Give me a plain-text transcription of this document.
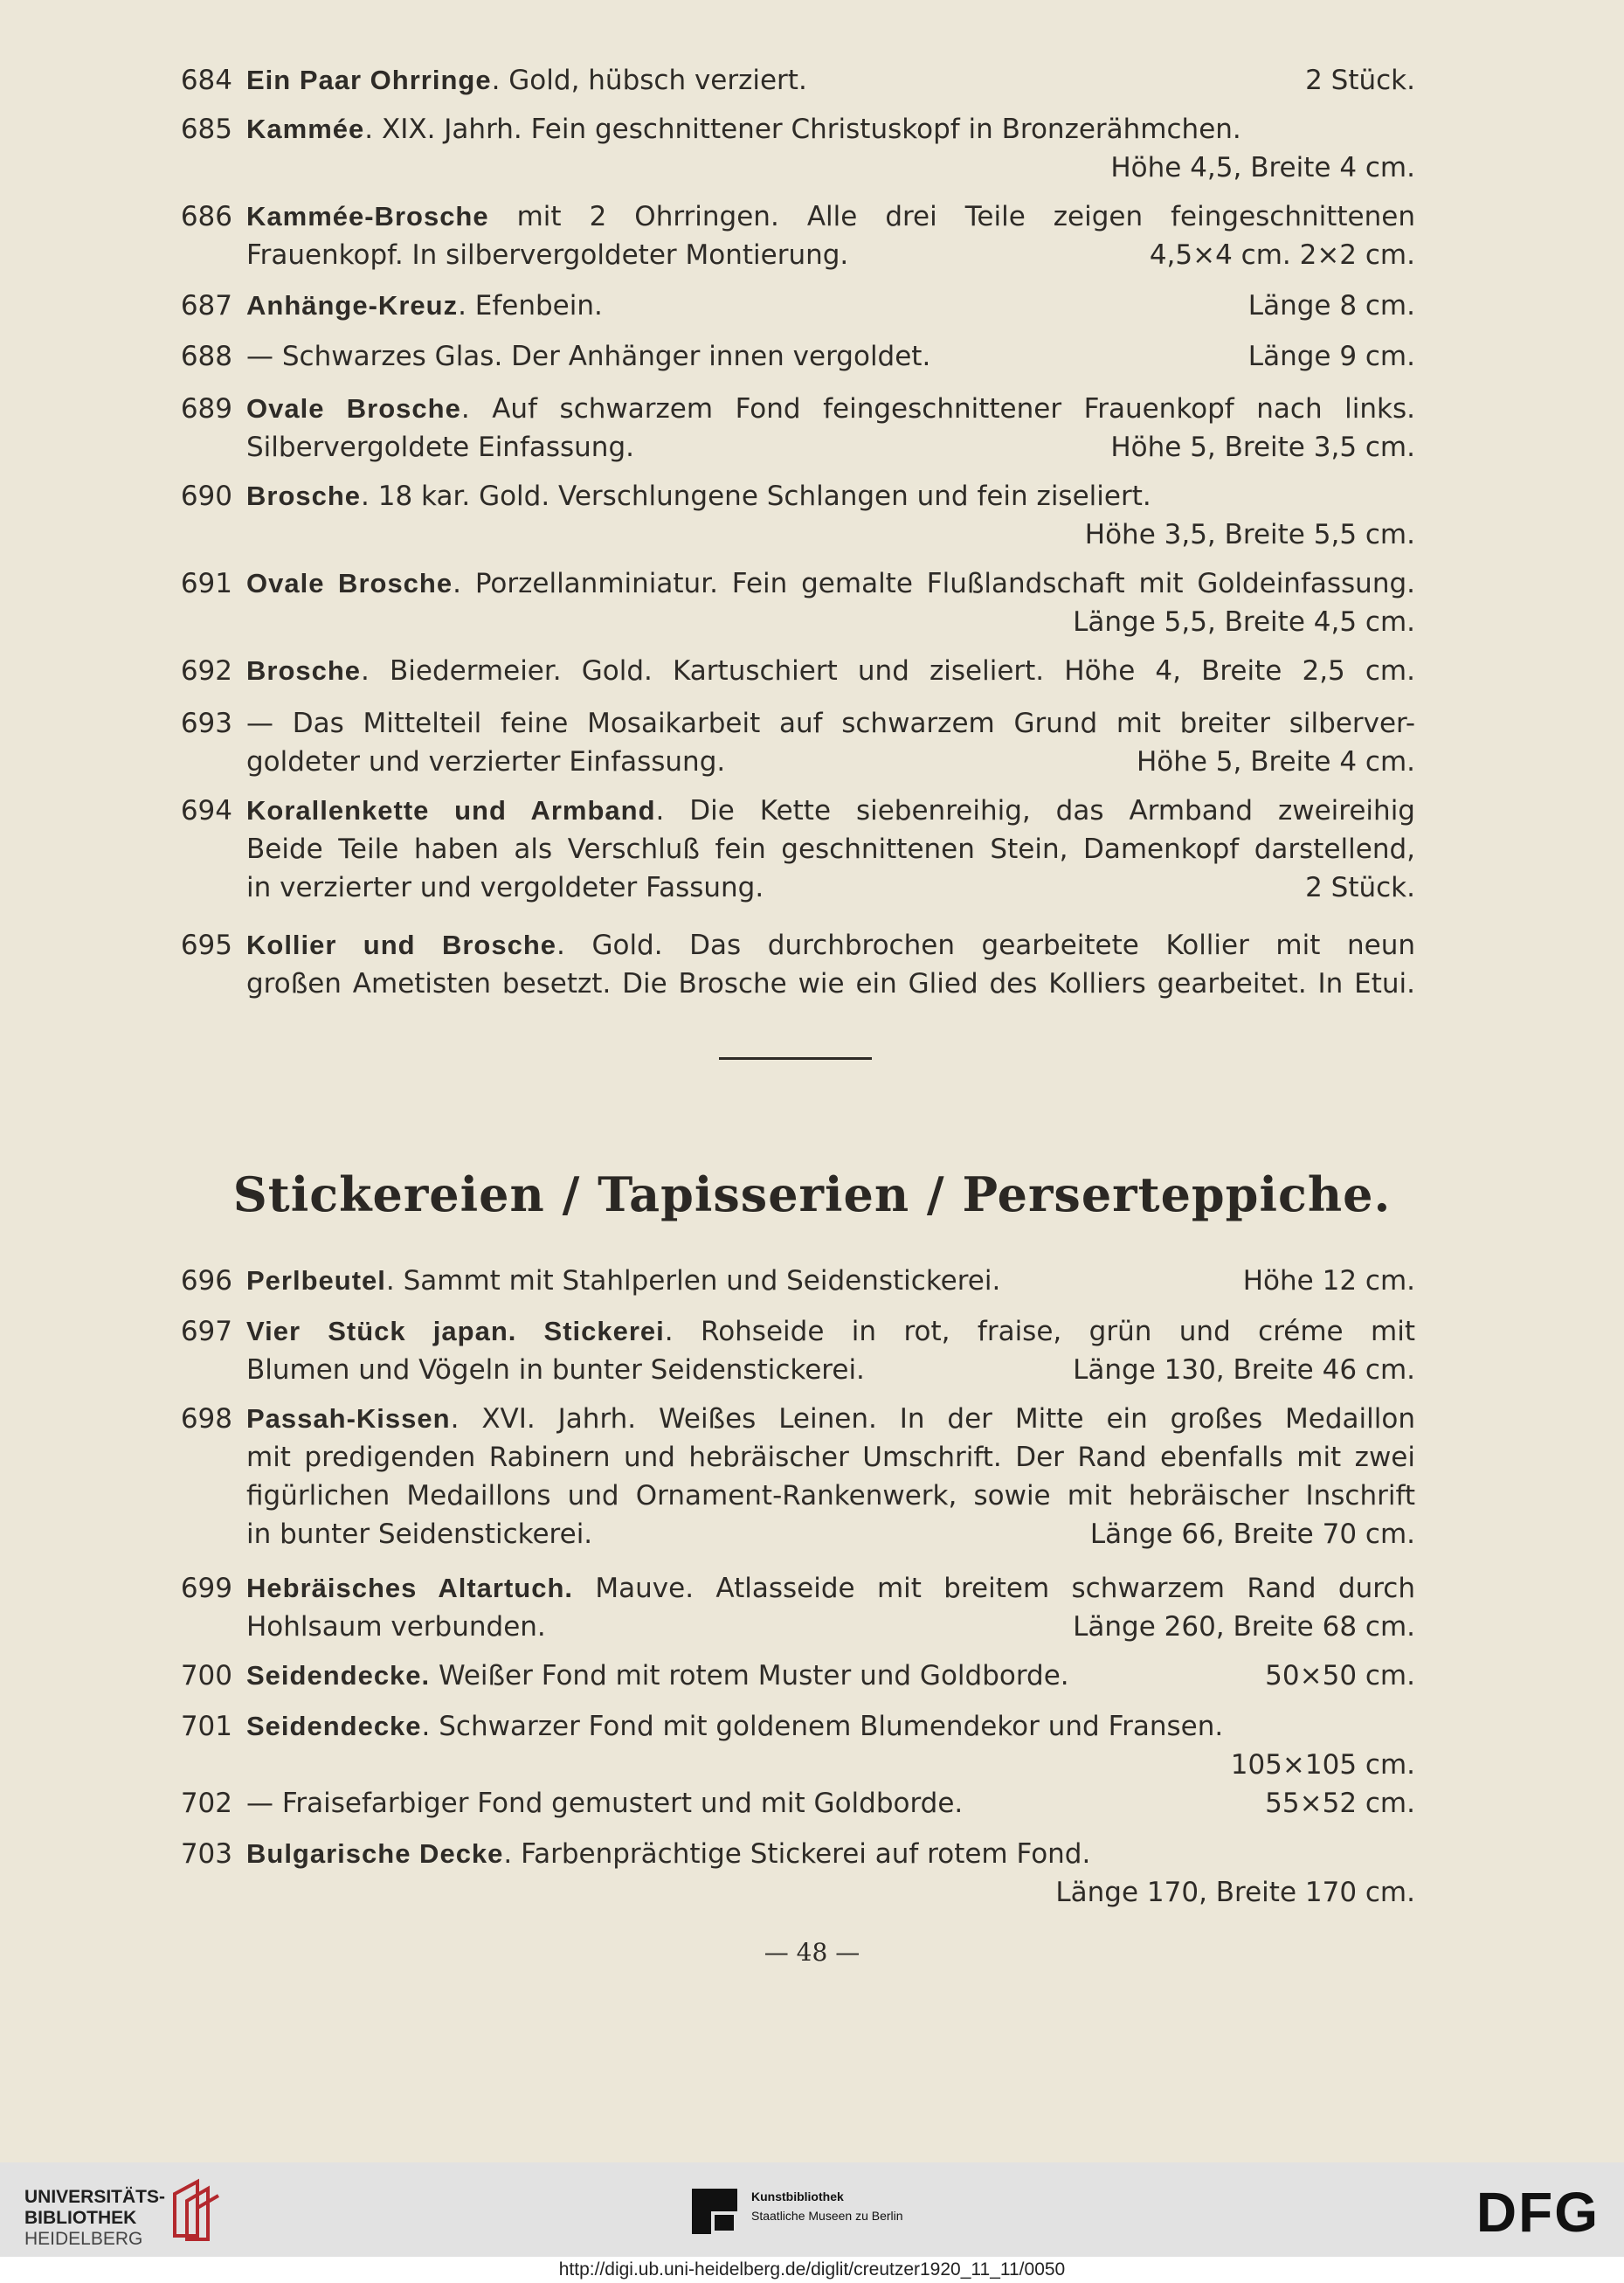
684 Ein Paar Ohrringe. Gold, hübsch verziert.	2 Stück.
685 Kammée. XIX. Jahrh. Fein geschnittener Christuskopf in Bronzerähmchen.
Höhe 4,5, Breite 4 cm.
686 Kammée-Brosche mit 2 Ohrringen. Alle drei Teile zeigen feingeschnittenen
Frauenkopf. In silbervergoldeter Montierung.	4,5×4 cm. 2×2 cm.
687 Anhänge-Kreuz. Efenbein.	Länge 8 cm.
688 — Schwarzes Glas. Der Anhänger innen vergoldet.	Länge 9 cm.
689 Ovale Brosche. Auf schwarzem Fond feingeschnittener Frauenkopf nach links.
Silbervergoldete Einfassung.	Höhe 5, Breite 3,5 cm.
690 Brosche. 18 kar. Gold. Verschlungene Schlangen und fein ziseliert.
Höhe 3,5, Breite 5,5 cm.
691 Ovale Brosche. Porzellanminiatur. Fein gemalte Flußlandschaft mit Goldeinfassung.
Länge 5,5, Breite 4,5 cm.
692 Brosche. Biedermeier. Gold. Kartuschiert und ziseliert. Höhe 4, Breite 2,5 cm.
693 — Das Mittelteil feine Mosaikarbeit auf schwarzem Grund mit breiter silberver-
goldeter und verzierter Einfassung.	Höhe 5, Breite 4 cm.
694 Korallenkette und Armband. Die Kette siebenreihig, das Armband zweireihig
Beide Teile haben als Verschluß fein geschnittenen Stein, Damenkopf darstellend,
in verzierter und vergoldeter Fassung.	2 Stück.
695 Kollier und Brosche. Gold. Das durchbrochen gearbeitete Kollier mit neun
großen Ametisten besetzt. Die Brosche wie ein Glied des Kolliers gearbeitet. In Etui.
696 Perlbeutel. Sammt mit Stahlperlen und Seidenstickerei.	Höhe 12 cm.
697 Vier Stück japan. Stickerei. Rohseide in rot, fraise, grün und créme mit
Blumen und Vögeln in bunter Seidenstickerei.	Länge 130, Breite 46 cm.
698 Passah-Kissen. XVI. Jahrh. Weißes Leinen. In der Mitte ein großes Medaillon
mit predigenden Rabinern und hebräischer Umschrift. Der Rand ebenfalls mit zwei
figürlichen Medaillons und Ornament-Rankenwerk, sowie mit hebräischer Inschrift
in bunter Seidenstickerei.	Länge 66, Breite 70 cm.
699 Hebräisches Altartuch. Mauve. Atlasseide mit breitem schwarzem Rand durch
Hohlsaum verbunden.	Länge 260, Breite 68 cm.
700 Seidendecke. Weißer Fond mit rotem Muster und Goldborde.	50×50 cm.
701 Seidendecke. Schwarzer Fond mit goldenem Blumendekor und Fransen.
105×105 cm.
702 — Fraisefarbiger Fond gemustert und mit Goldborde.	55×52 cm.
703 Bulgarische Decke. Farbenprächtige Stickerei auf rotem Fond.
Länge 170, Breite 170 cm.
Stickereien / Tapisserien / Perserteppiche.
— 48 —
UNIVERSITÄTS-
BIBLIOTHEK
HEIDELBERG
Kunstbibliothek
Staatliche Museen zu Berlin	DFG
http://digi.ub.uni-heidelberg.de/diglit/creutzer1920_11_11/0050
